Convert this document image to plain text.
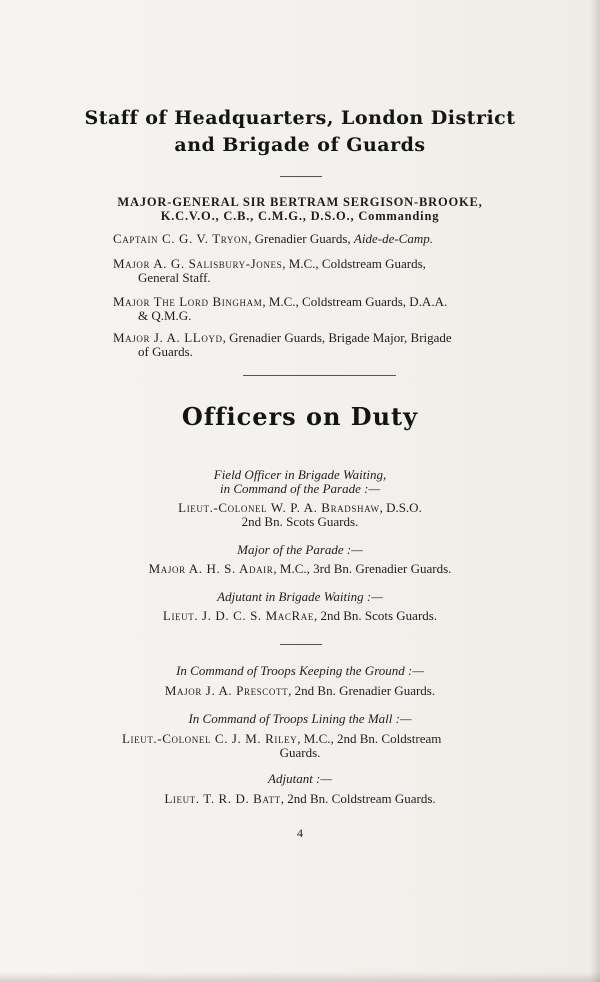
Staff of Headquarters, London District
and Brigade of Guards
MAJOR-GENERAL SIR BERTRAM SERGISON-BROOKE,
K.C.V.O., C.B., C.M.G., D.S.O., Commanding
Captain C. G. V. Tryon, Grenadier Guards, Aide-de-Camp.
Major A. G. Salisbury-Jones, M.C., Coldstream Guards,
General Staff.
Major The Lord Bingham, M.C., Coldstream Guards, D.A.A.
& Q.M.G.
Major J. A. LLoyd, Grenadier Guards, Brigade Major, Brigade
of Guards.
Officers on Duty
Field Officer in Brigade Waiting,
in Command of the Parade :—
Lieut.-Colonel W. P. A. Bradshaw, D.S.O.
2nd Bn. Scots Guards.
Major of the Parade :—
Major A. H. S. Adair, M.C., 3rd Bn. Grenadier Guards.
Adjutant in Brigade Waiting :—
Lieut. J. D. C. S. MacRae, 2nd Bn. Scots Guards.
In Command of Troops Keeping the Ground :—
Major J. A. Prescott, 2nd Bn. Grenadier Guards.
In Command of Troops Lining the Mall :—
Lieut.-Colonel C. J. M. Riley, M.C., 2nd Bn. Coldstream
Guards.
Adjutant :—
Lieut. T. R. D. Batt, 2nd Bn. Coldstream Guards.
4
